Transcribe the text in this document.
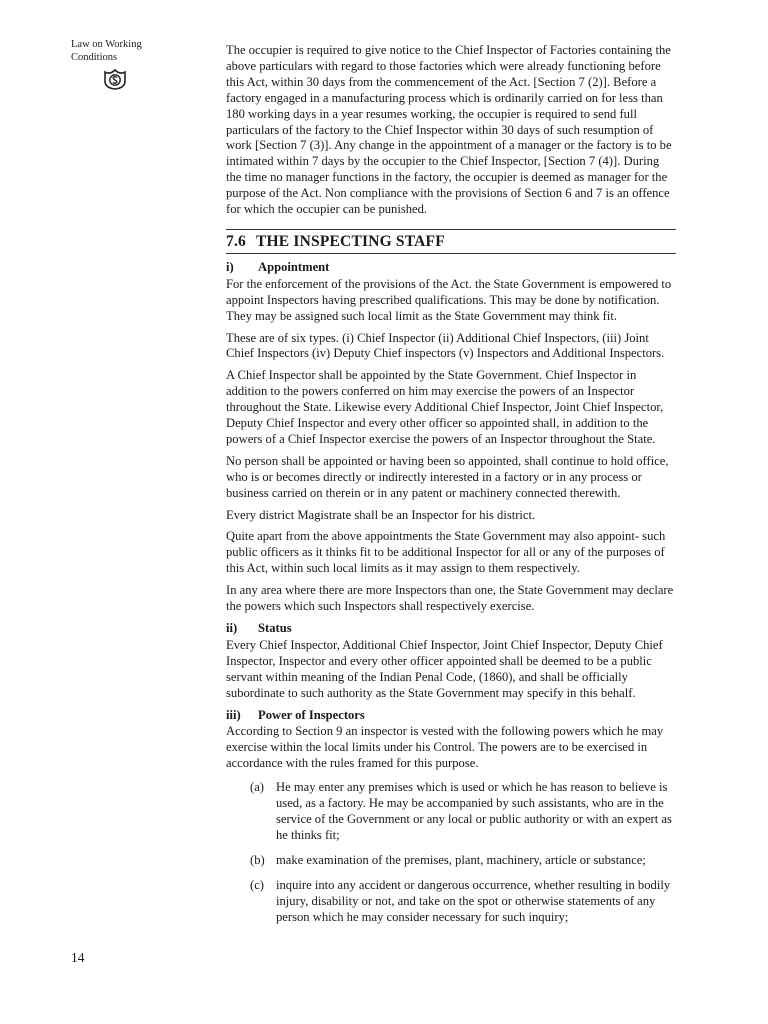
Law on Working
Conditions
14

The occupier is required to give notice to the Chief Inspector of Factories containing the above particulars with regard to those factories which were already functioning before this Act, within 30 days from the commencement of the Act. [Section 7 (2)]. Before a factory engaged in a manufacturing process which is ordinarily carried on for less than 180 working days in a year resumes working, the occupier is required to send full particulars of the factory to the Chief Inspector within 30 days of such resumption of work [Section 7 (3)]. Any change in the appointment of a manager or the factory is to be intimated within 7 days by the occupier to the Chief Inspector, [Section 7 (4)]. During the time no manager functions in the factory, the occupier is deemed as manager for the purpose of the Act. Non compliance with the provisions of Section 6 and 7 is an offence for which the occupier can be punished.

7.6 THE INSPECTING STAFF
i) Appointment

For the enforcement of the provisions of the Act. the State Government is empowered to appoint Inspectors having prescribed qualifications. This may be done by notification. They may be assigned such local limit as the State Government may think fit.

These are of six types. (i) Chief Inspector (ii) Additional Chief Inspectors, (iii) Joint Chief Inspectors (iv) Deputy Chief inspectors (v) Inspectors and Additional Inspectors.

A Chief Inspector shall be appointed by the State Government. Chief Inspector in addition to the powers conferred on him may exercise the powers of an Inspector throughout the State. Likewise every Additional Chief Inspector, Joint Chief Inspector, Deputy Chief Inspector and every other officer so appointed shall, in addition to the powers of a Chief Inspector exercise the powers of an Inspector throughout the State.

No person shall be appointed or having been so appointed, shall continue to hold office, who is or becomes directly or indirectly interested in a factory or in any process or business carried on therein or in any patent or machinery connected therewith.

Every district Magistrate shall be an Inspector for his district.

Quite apart from the above appointments the State Government may also appoint- such public officers as it thinks fit to be additional Inspector for all or any of the purposes of this Act, within such local limits as it may assign to them respectively.

In any area where there are more Inspectors than one, the State Government may declare the powers which such Inspectors shall respectively exercise.

ii) Status

Every Chief Inspector, Additional Chief Inspector, Joint Chief Inspector, Deputy Chief Inspector, Inspector and every other officer appointed shall be deemed to be a public servant within meaning of the Indian Penal Code, (1860), and shall be officially subordinate to such authority as the State Government may specify in this behalf.

iii) Power of Inspectors

According to Section 9 an inspector is vested with the following powers which he may exercise within the local limits under his Control. The powers are to be exercised in accordance with the rules framed for this purpose.

(a) He may enter any premises which is used or which he has reason to believe is used, as a factory. He may be accompanied by such assistants, who are in the service of the Government or any local or public authority or with an expert as he thinks fit;
(b) make examination of the premises, plant, machinery, article or substance;
(c) inquire into any accident or dangerous occurrence, whether resulting in bodily injury, disability or not, and take on the spot or otherwise statements of any person which he may consider necessary for such inquiry;
